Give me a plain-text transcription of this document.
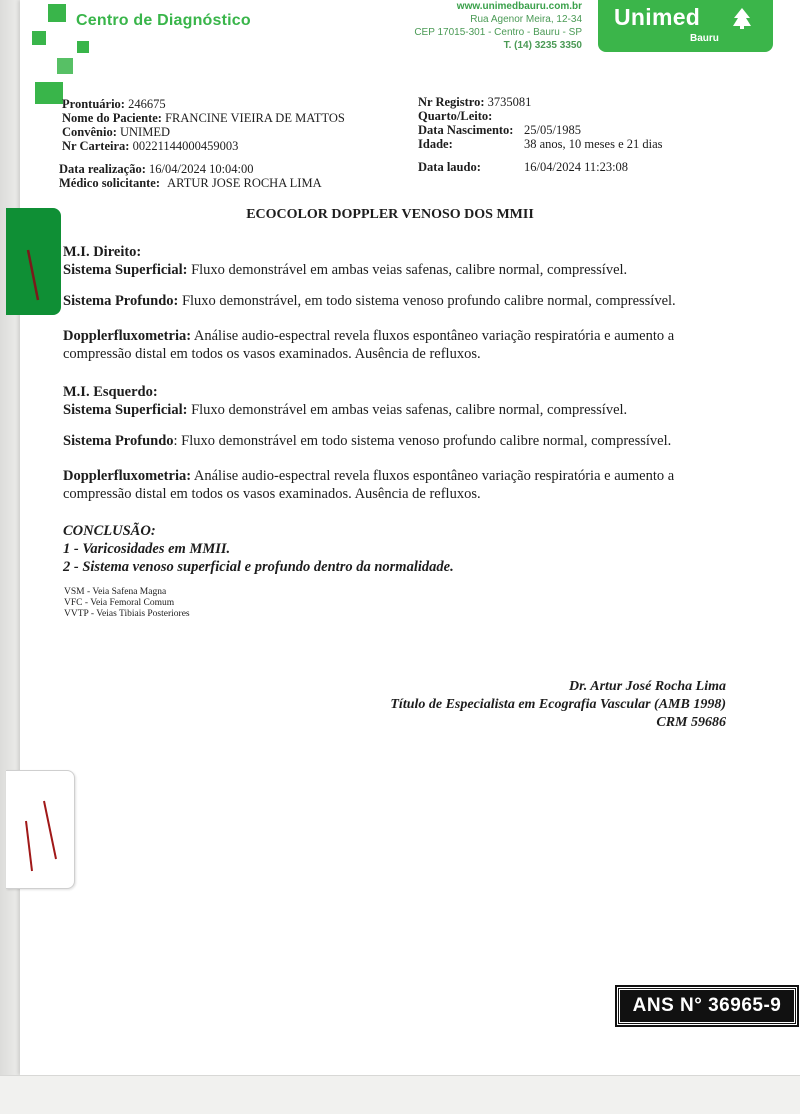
Centro de Diagnóstico
www.unimedbauru.com.br
Rua Agenor Meira, 12-34
CEP 17015-301 - Centro - Bauru - SP
T. (14) 3235 3350
Unimed
Bauru
Prontuário: 246675
Nome do Paciente: FRANCINE VIEIRA DE MATTOS
Convênio: UNIMED
Nr Carteira: 00221144000459003
Data realização: 16/04/2024 10:04:00
Médico solicitante: ARTUR JOSE ROCHA LIMA
Nr Registro: 3735081
Quarto/Leito:
Data Nascimento: 25/05/1985
Idade:	38 anos, 10 meses e 21 dias
Data laudo:	16/04/2024 11:23:08
ECOCOLOR DOPPLER VENOSO DOS MMII
M.I. Direito:
Sistema Superficial: Fluxo demonstrável em ambas veias safenas, calibre normal, compressível.
Sistema Profundo: Fluxo demonstrável, em todo sistema venoso profundo calibre normal, compressível.
Dopplerfluxometria: Análise audio-espectral revela fluxos espontâneo variação respiratória e aumento a compressão distal em todos os vasos examinados. Ausência de refluxos.
M.I. Esquerdo:
Sistema Superficial: Fluxo demonstrável em ambas veias safenas, calibre normal, compressível.
Sistema Profundo: Fluxo demonstrável em todo sistema venoso profundo calibre normal, compressível.
Dopplerfluxometria: Análise audio-espectral revela fluxos espontâneo variação respiratória e aumento a compressão distal em todos os vasos examinados. Ausência de refluxos.
CONCLUSÃO:
1 - Varicosidades em MMII.
2 - Sistema venoso superficial e profundo dentro da normalidade.
VSM - Veia Safena Magna
VFC - Veia Femoral Comum
VVTP - Veias Tibiais Posteriores
Dr. Artur José Rocha Lima
Título de Especialista em Ecografia Vascular (AMB 1998)
CRM 59686
ANS N° 36965-9
